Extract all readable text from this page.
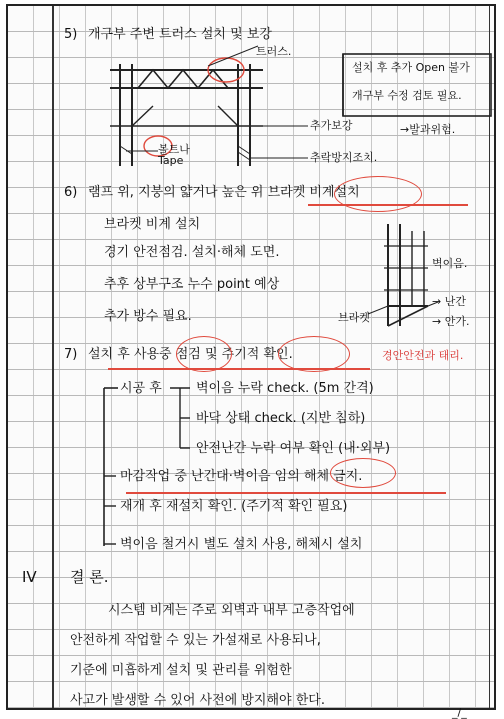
5) 개구부 주변 트러스 설치 및 보강
트러스.
설치 후 추가 Open 불가
개구부 수정 검토 필요.
추가보강	→발과위험.
볼트나 Tape	추락방지조치.
6) 램프 위, 지붕의 얇거나 높은 위 브라켓 비계설치
브라켓 비계 설치
경기 안전점검. 설치·해체 도면.
추후 상부구조 누수 point 예상
추가 방수 필요.
벽이음.
→ 난간
브라켓	→ 안가.
7) 설치 후 사용중 점검 및 주기적 확인.	경안안전과 태리.
시공 후	벽이음 누락 check. (5m 간격)
바닥 상태 check. (지반 침하)
안전난간 누락 여부 확인 (내·외부)
마감작업 중 난간대·벽이음 임의 해체 금지.
재개 후 재설치 확인. (주기적 확인 필요)
벽이음 철거시 별도 설치 사용, 해체시 설치
IV 결 론.
시스템 비계는 주로 외벽과 내부 고층작업에
안전하게 작업할 수 있는 가설재로 사용되나,
기준에 미흡하게 설치 및 관리를 위험한
사고가 발생할 수 있어 사전에 방지해야 한다.
_/_
